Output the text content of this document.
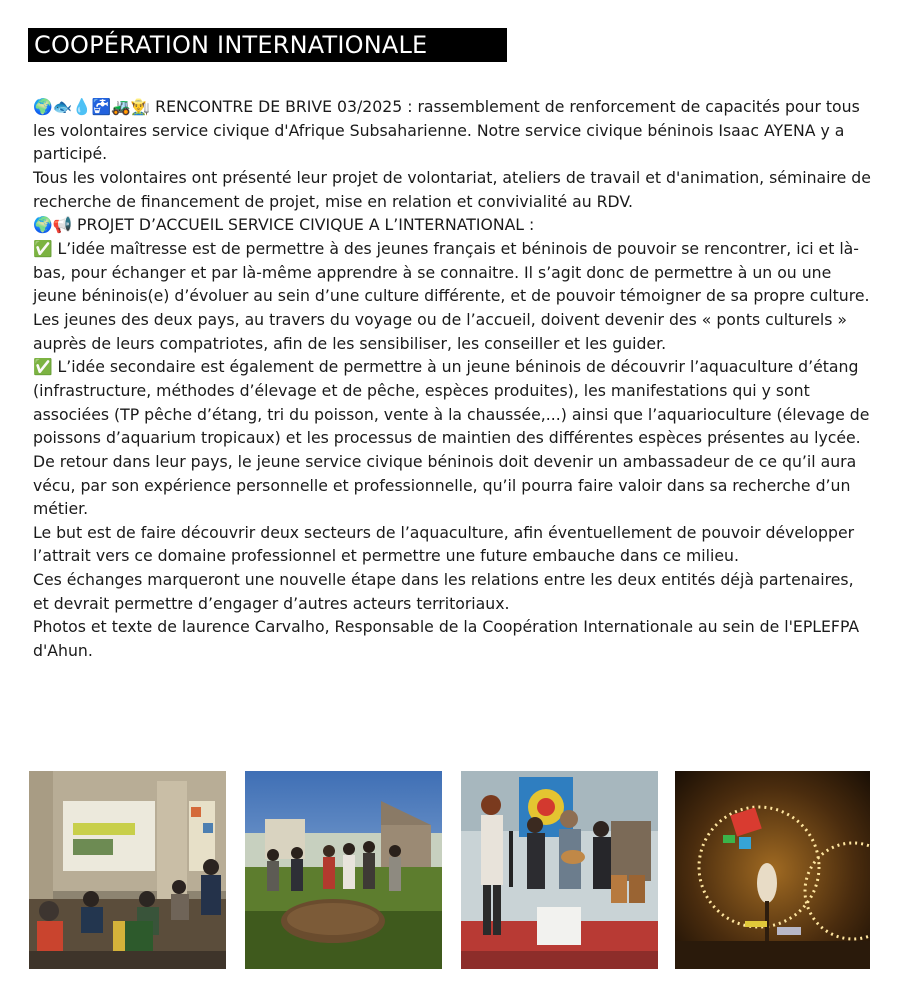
COOPÉRATION INTERNATIONALE

🌍🐟💧🚰🚜👨‍🌾 RENCONTRE DE BRIVE 03/2025 : rassemblement de renforcement de capacités pour tous les volontaires service civique d'Afrique Subsaharienne. Notre service civique béninois Isaac AYENA y a participé.

Tous les volontaires ont présenté leur projet de volontariat, ateliers de travail et d'animation, séminaire de recherche de financement de projet, mise en relation et convivialité au RDV.

🌍📢 PROJET D’ACCUEIL SERVICE CIVIQUE A L’INTERNATIONAL :

✅ L’idée maîtresse est de permettre à des jeunes français et béninois de pouvoir se rencontrer, ici et là-bas, pour échanger et par là-même apprendre à se connaitre. Il s’agit donc de permettre à un ou une jeune béninois(e) d’évoluer au sein d’une culture différente, et de pouvoir témoigner de sa propre culture. Les jeunes des deux pays, au travers du voyage ou de l’accueil, doivent devenir des « ponts culturels » auprès de leurs compatriotes, afin de les sensibiliser, les conseiller et les guider.

✅ L’idée secondaire est également de permettre à un jeune béninois de découvrir l’aquaculture d’étang (infrastructure, méthodes d’élevage et de pêche, espèces produites), les manifestations qui y sont associées (TP pêche d’étang, tri du poisson, vente à la chaussée,...) ainsi que l’aquarioculture (élevage de poissons d’aquarium tropicaux) et les processus de maintien des différentes espèces présentes au lycée.

De retour dans leur pays, le jeune service civique béninois doit devenir un ambassadeur de ce qu’il aura vécu, par son expérience personnelle et professionnelle, qu’il pourra faire valoir dans sa recherche d’un métier.

Le but est de faire découvrir deux secteurs de l’aquaculture, afin éventuellement de pouvoir développer l’attrait vers ce domaine professionnel et permettre une future embauche dans ce milieu.

Ces échanges marqueront une nouvelle étape dans les relations entre les deux entités déjà partenaires, et devrait permettre d’engager d’autres acteurs territoriaux.

Photos et texte de laurence Carvalho, Responsable de la Coopération Internationale au sein de l'EPLEFPA d'Ahun.
